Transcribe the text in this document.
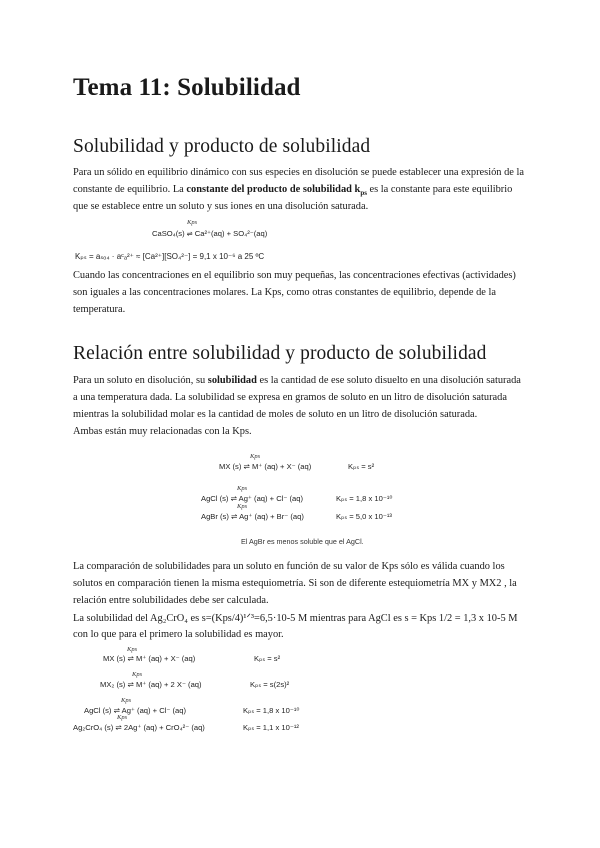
Tema 11: Solubilidad
Solubilidad y producto de solubilidad
Para un sólido en equilibrio dinámico con sus especies en disolución se puede establecer una expresión de la
constante de equilibrio. La constante del producto de solubilidad $k_{ps}$ es la constante para este equilibrio
que se establece entre un soluto y sus iones en una disolución saturada.
Kps
CaSO₄(s) ⇌ Ca²⁺(aq) + SO₄²⁻(aq)
Kₚₛ = aₛₒ₄ · aᶜₐ²⁺ ≈ [Ca²⁺][SO₄²⁻] = 9,1 x 10⁻⁶ a 25 ºC
Cuando las concentraciones en el equilibrio son muy pequeñas, las concentraciones efectivas (actividades)
son iguales a las concentraciones molares. La Kps, como otras constantes de equilibrio, depende de la
temperatura.
Relación entre solubilidad y producto de solubilidad
Para un soluto en disolución, su solubilidad es la cantidad de ese soluto disuelto en una disolución saturada
a una temperatura dada. La solubilidad se expresa en gramos de soluto en un litro de disolución saturada
mientras la solubilidad molar es la cantidad de moles de soluto en un litro de disolución saturada.
Ambas están muy relacionadas con la Kps.
Kps
MX (s) ⇌ M⁺ (aq) + X⁻ (aq)	Kₚₛ = s²
Kps
AgCl (s) ⇌ Ag⁺ (aq) + Cl⁻ (aq)	Kₚₛ = 1,8 x 10⁻¹⁰
Kps
AgBr (s) ⇌ Ag⁺ (aq) + Br⁻ (aq)	Kₚₛ = 5,0 x 10⁻¹³
El AgBr es menos soluble que el AgCl.
La comparación de solubilidades para un soluto en función de su valor de Kps sólo es válida cuando los
solutos en comparación tienen la misma estequiometría. Si son de diferente estequiometría MX y MX2 , la
relación entre solubilidades debe ser calculada.
La solubilidad del Ag₂CrO₄ es s=(Kps/4)¹ᐟ³=6,5·10-5 M mientras para AgCl es s = Kps 1/2 = 1,3 x 10-5 M
con lo que para el primero la solubilidad es mayor.
Kps
MX (s) ⇌ M⁺ (aq) + X⁻ (aq)	Kₚₛ = s²
Kps
MX₂ (s) ⇌ M⁺ (aq) + 2 X⁻ (aq)	Kₚₛ = s(2s)²
Kps
AgCl (s) ⇌ Ag⁺ (aq) + Cl⁻ (aq)	Kₚₛ = 1,8 x 10⁻¹⁰
Kps
Ag₂CrO₄ (s) ⇌ 2Ag⁺ (aq) + CrO₄²⁻ (aq)	Kₚₛ = 1,1 x 10⁻¹²
